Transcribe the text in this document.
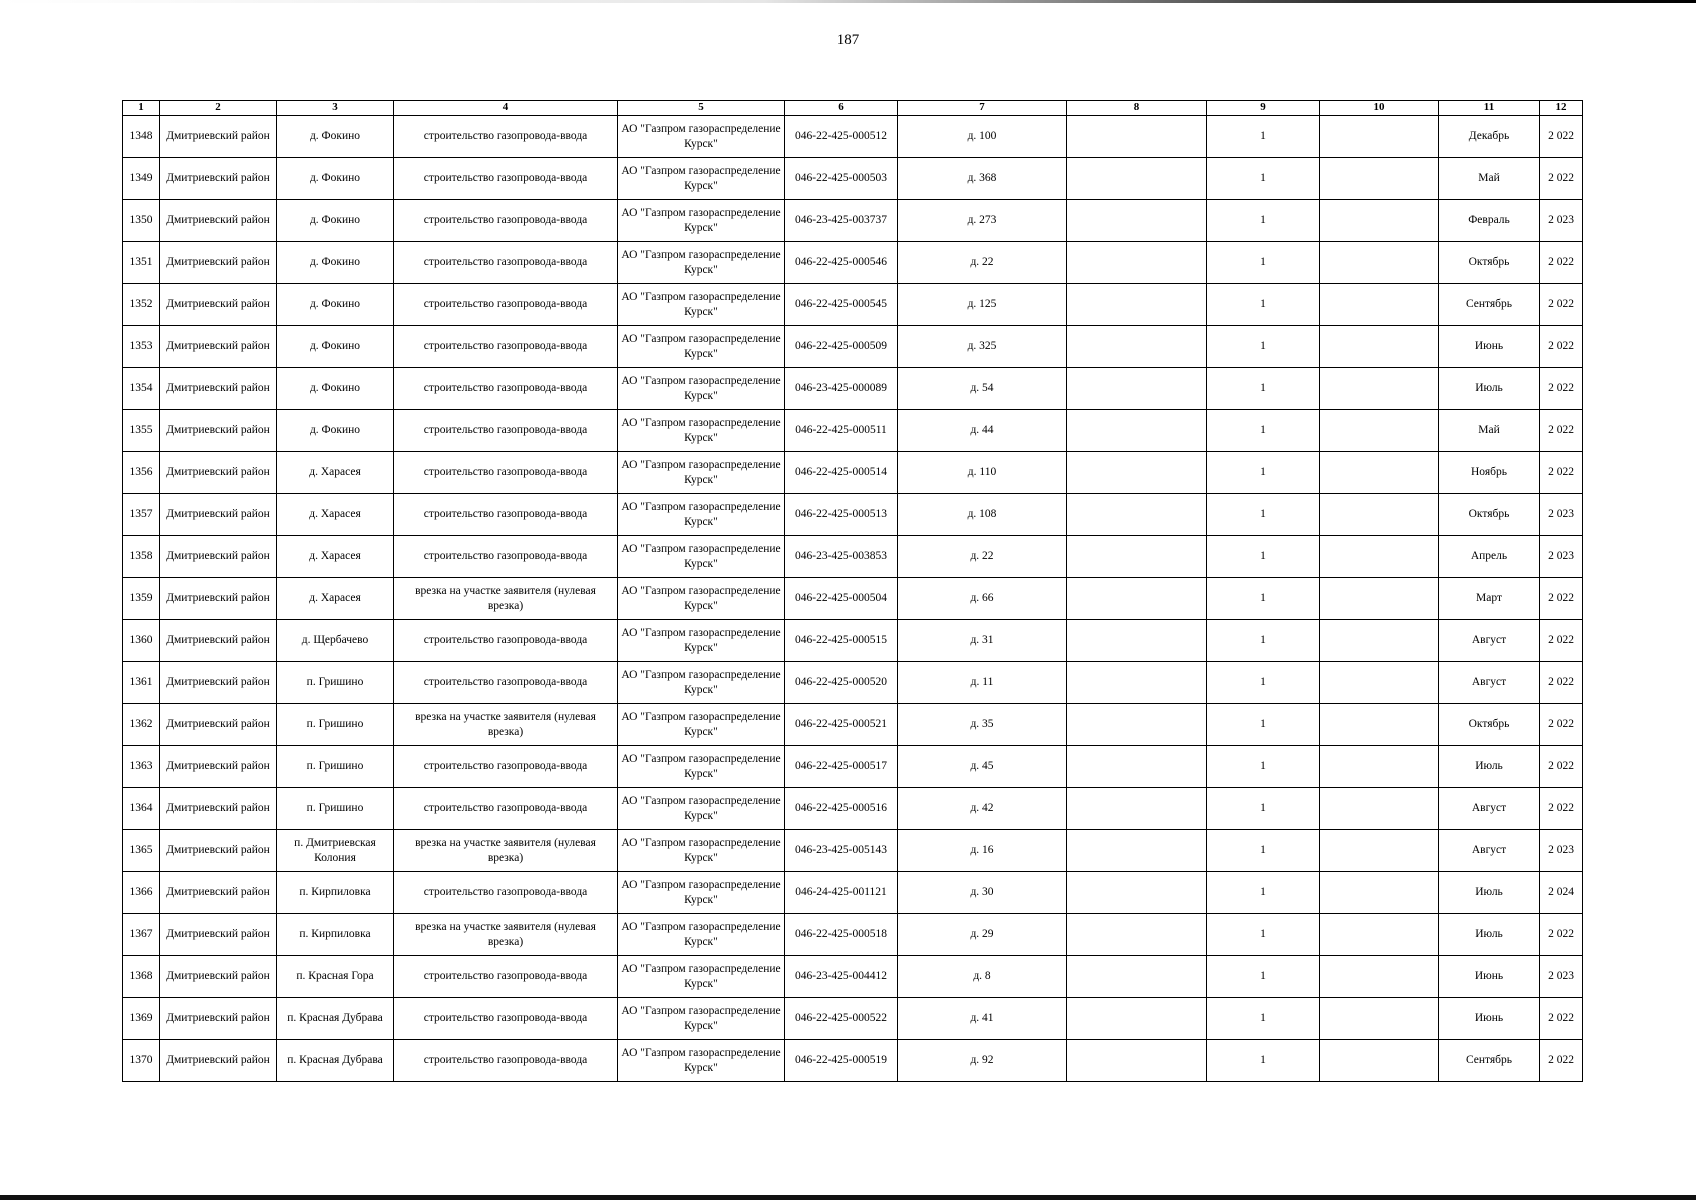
187
1	2	3	4	5	6	7	8	9	10	11	12
1348	Дмитриевский район	д. Фокино	строительство газопровода-ввода	АО "Газпром газораспределение Курск"	046-22-425-000512	д. 100		1		Декабрь	2 022
1349	Дмитриевский район	д. Фокино	строительство газопровода-ввода	АО "Газпром газораспределение Курск"	046-22-425-000503	д. 368		1		Май	2 022
1350	Дмитриевский район	д. Фокино	строительство газопровода-ввода	АО "Газпром газораспределение Курск"	046-23-425-003737	д. 273		1		Февраль	2 023
1351	Дмитриевский район	д. Фокино	строительство газопровода-ввода	АО "Газпром газораспределение Курск"	046-22-425-000546	д. 22		1		Октябрь	2 022
1352	Дмитриевский район	д. Фокино	строительство газопровода-ввода	АО "Газпром газораспределение Курск"	046-22-425-000545	д. 125		1		Сентябрь	2 022
1353	Дмитриевский район	д. Фокино	строительство газопровода-ввода	АО "Газпром газораспределение Курск"	046-22-425-000509	д. 325		1		Июнь	2 022
1354	Дмитриевский район	д. Фокино	строительство газопровода-ввода	АО "Газпром газораспределение Курск"	046-23-425-000089	д. 54		1		Июль	2 022
1355	Дмитриевский район	д. Фокино	строительство газопровода-ввода	АО "Газпром газораспределение Курск"	046-22-425-000511	д. 44		1		Май	2 022
1356	Дмитриевский район	д. Харасея	строительство газопровода-ввода	АО "Газпром газораспределение Курск"	046-22-425-000514	д. 110		1		Ноябрь	2 022
1357	Дмитриевский район	д. Харасея	строительство газопровода-ввода	АО "Газпром газораспределение Курск"	046-22-425-000513	д. 108		1		Октябрь	2 023
1358	Дмитриевский район	д. Харасея	строительство газопровода-ввода	АО "Газпром газораспределение Курск"	046-23-425-003853	д. 22		1		Апрель	2 023
1359	Дмитриевский район	д. Харасея	врезка на участке заявителя (нулевая врезка)	АО "Газпром газораспределение Курск"	046-22-425-000504	д. 66		1		Март	2 022
1360	Дмитриевский район	д. Щербачево	строительство газопровода-ввода	АО "Газпром газораспределение Курск"	046-22-425-000515	д. 31		1		Август	2 022
1361	Дмитриевский район	п. Гришино	строительство газопровода-ввода	АО "Газпром газораспределение Курск"	046-22-425-000520	д. 11		1		Август	2 022
1362	Дмитриевский район	п. Гришино	врезка на участке заявителя (нулевая врезка)	АО "Газпром газораспределение Курск"	046-22-425-000521	д. 35		1		Октябрь	2 022
1363	Дмитриевский район	п. Гришино	строительство газопровода-ввода	АО "Газпром газораспределение Курск"	046-22-425-000517	д. 45		1		Июль	2 022
1364	Дмитриевский район	п. Гришино	строительство газопровода-ввода	АО "Газпром газораспределение Курск"	046-22-425-000516	д. 42		1		Август	2 022
1365	Дмитриевский район	п. Дмитриевская Колония	врезка на участке заявителя (нулевая врезка)	АО "Газпром газораспределение Курск"	046-23-425-005143	д. 16		1		Август	2 023
1366	Дмитриевский район	п. Кирпиловка	строительство газопровода-ввода	АО "Газпром газораспределение Курск"	046-24-425-001121	д. 30		1		Июль	2 024
1367	Дмитриевский район	п. Кирпиловка	врезка на участке заявителя (нулевая врезка)	АО "Газпром газораспределение Курск"	046-22-425-000518	д. 29		1		Июль	2 022
1368	Дмитриевский район	п. Красная Гора	строительство газопровода-ввода	АО "Газпром газораспределение Курск"	046-23-425-004412	д. 8		1		Июнь	2 023
1369	Дмитриевский район	п. Красная Дубрава	строительство газопровода-ввода	АО "Газпром газораспределение Курск"	046-22-425-000522	д. 41		1		Июнь	2 022
1370	Дмитриевский район	п. Красная Дубрава	строительство газопровода-ввода	АО "Газпром газораспределение Курск"	046-22-425-000519	д. 92		1		Сентябрь	2 022
